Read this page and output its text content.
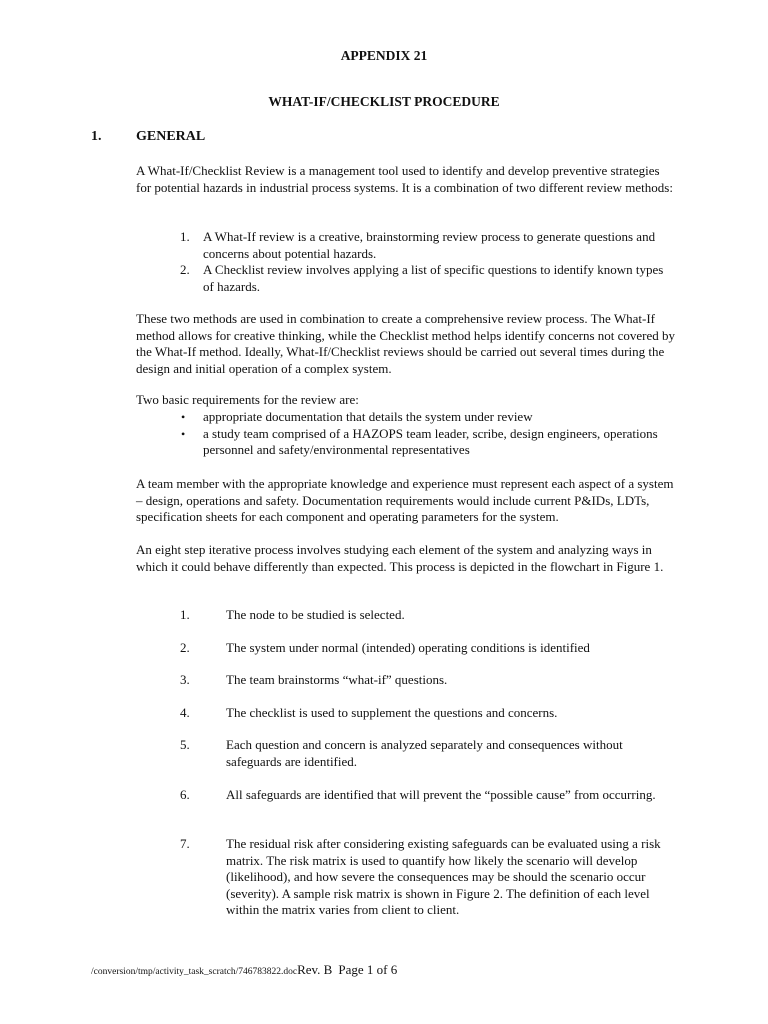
APPENDIX 21
WHAT-IF/CHECKLIST PROCEDURE
1. GENERAL

A What-If/Checklist Review is a management tool used to identify and develop preventive strategies for potential hazards in industrial process systems. It is a combination of two different review methods:

1. A What-If review is a creative, brainstorming review process to generate questions and concerns about potential hazards.
2. A Checklist review involves applying a list of specific questions to identify known types of hazards.

These two methods are used in combination to create a comprehensive review process. The What-If method allows for creative thinking, while the Checklist method helps identify concerns not covered by the What-If method. Ideally, What-If/Checklist reviews should be carried out several times during the design and initial operation of a complex system.

Two basic requirements for the review are:

• appropriate documentation that details the system under review
• a study team comprised of a HAZOPS team leader, scribe, design engineers, operations personnel and safety/environmental representatives

A team member with the appropriate knowledge and experience must represent each aspect of a system – design, operations and safety. Documentation requirements would include current P&IDs, LDTs, specification sheets for each component and operating parameters for the system.

An eight step iterative process involves studying each element of the system and analyzing ways in which it could behave differently than expected. This process is depicted in the flowchart in Figure 1.

1.	The node to be studied is selected.
2.	The system under normal (intended) operating conditions is identified
3.	The team brainstorms “what-if” questions.
4.	The checklist is used to supplement the questions and concerns.
5.	Each question and concern is analyzed separately and consequences without safeguards are identified.
6.	All safeguards are identified that will prevent the “possible cause” from occurring.
7.	The residual risk after considering existing safeguards can be evaluated using a risk matrix. The risk matrix is used to quantify how likely the scenario will develop (likelihood), and how severe the consequences may be should the scenario occur (severity). A sample risk matrix is shown in Figure 2. The definition of each level within the matrix varies from client to client.
/conversion/tmp/activity_task_scratch/746783822.docRev. B Page 1 of 6
